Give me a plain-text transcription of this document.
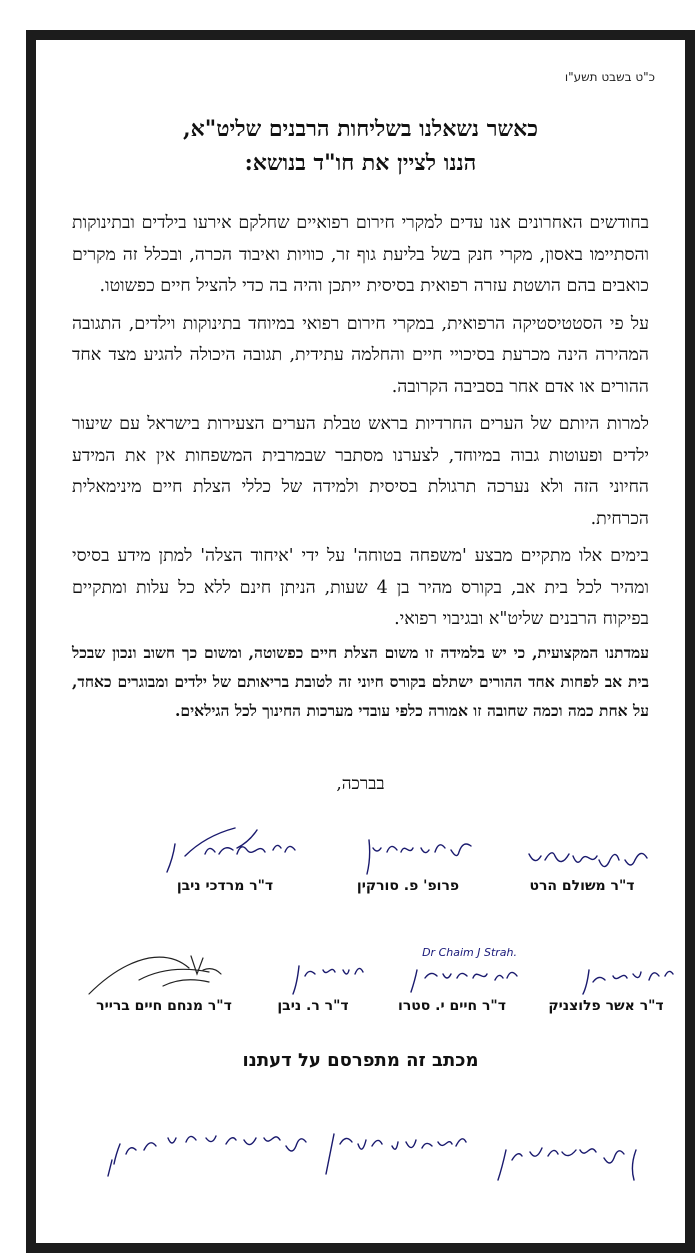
כ"ט בשבט תשע"ו
כאשר נשאלנו בשליחות הרבנים שליט"א,
הננו לציין את חו"ד בנושא:

בחודשים האחרונים אנו עדים למקרי חירום רפואיים שחלקם אירעו בילדים ובתינוקות והסתיימו באסון, מקרי חנק בשל בליעת גוף זר, כוויות ואיבוד הכרה, ובכלל זה מקרים כואבים בהם הושטת עזרה רפואית בסיסית ייתכן והיה בה כדי להציל חיים כפשוטו.

על פי הסטטיסטיקה הרפואית, במקרי חירום רפואי במיוחד בתינוקות וילדים, התגובה המהירה הינה מכרעת בסיכויי חיים והחלמה עתידית, תגובה היכולה להגיע מצד אחד ההורים או אדם אחר בסביבה הקרובה.

למרות היותם של הערים החרדיות בראש טבלת הערים הצעירות בישראל עם שיעור ילדים ופעוטות גבוה במיוחד, לצערנו מסתבר שבמרבית המשפחות אין את המידע החיוני הזה ולא נערכה תרגולת בסיסית ולמידה של כללי הצלת חיים מינימאלית הכרחית.

בימים אלו מתקיים מבצע 'משפחה בטוחה' על ידי 'איחוד הצלה' למתן מידע בסיסי ומהיר לכל בית אב, בקורס מהיר בן 4 שעות, הניתן חינם ללא כל עלות ומתקיים בפיקוח הרבנים שליט"א ובגיבוי רפואי.

עמדתנו המקצועית, כי יש בלמידה זו משום הצלת חיים כפשוטה, ומשום כך חשוב ונכון שבכל בית אב לפחות אחד ההורים ישתלם בקורס חיוני זה לטובת בריאותם של ילדים ומבוגרים כאחד, על אחת כמה וכמה שחובה זו אמורה כלפי עובדי מערכות החינוך לכל הגילאים.
בברכה,
ד"ר משולם הרט
פרופ' פ. סורקין
ד"ר מרדכי ניבן
ד"ר אשר פלוצניק
Dr Chaim J Strah.
ד"ר חיים י. סטרו
ד"ר ר. ניבן
ד"ר מנחם חיים ברייר
מכתב זה מתפרסם על דעתנו
